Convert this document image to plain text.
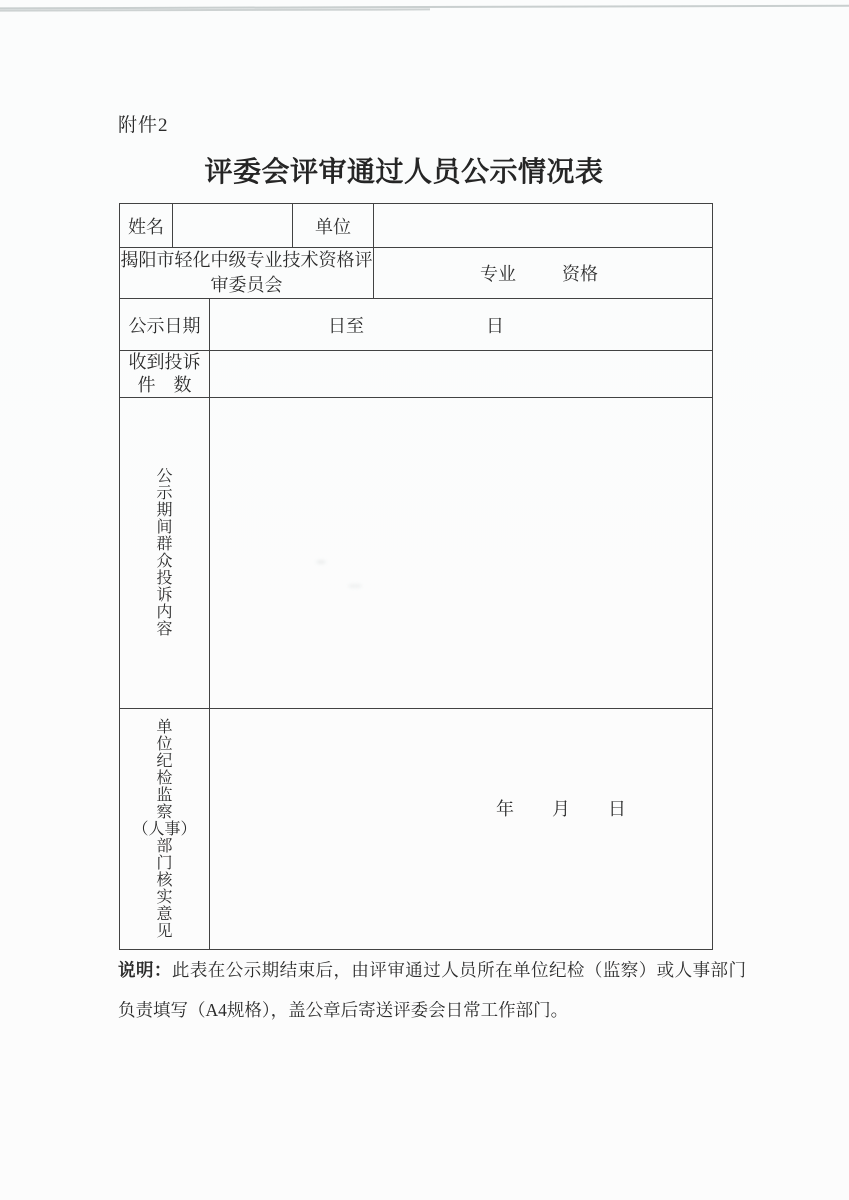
附件2
评委会评审通过人员公示情况表
姓名			单位	
揭阳市轻化中级专业技术资格评审委员会				专业 资格

公示日期		日至 日		

收到投诉
件　数				

公
示
期
间
群
众
投
诉
内
容

单
位
纪
检
监
察
（人事）
部
门
核
实
意
见

年 月 日

说明：此表在公示期结束后，由评审通过人员所在单位纪检（监察）或人事部门负责填写（A4规格），盖公章后寄送评委会日常工作部门。
